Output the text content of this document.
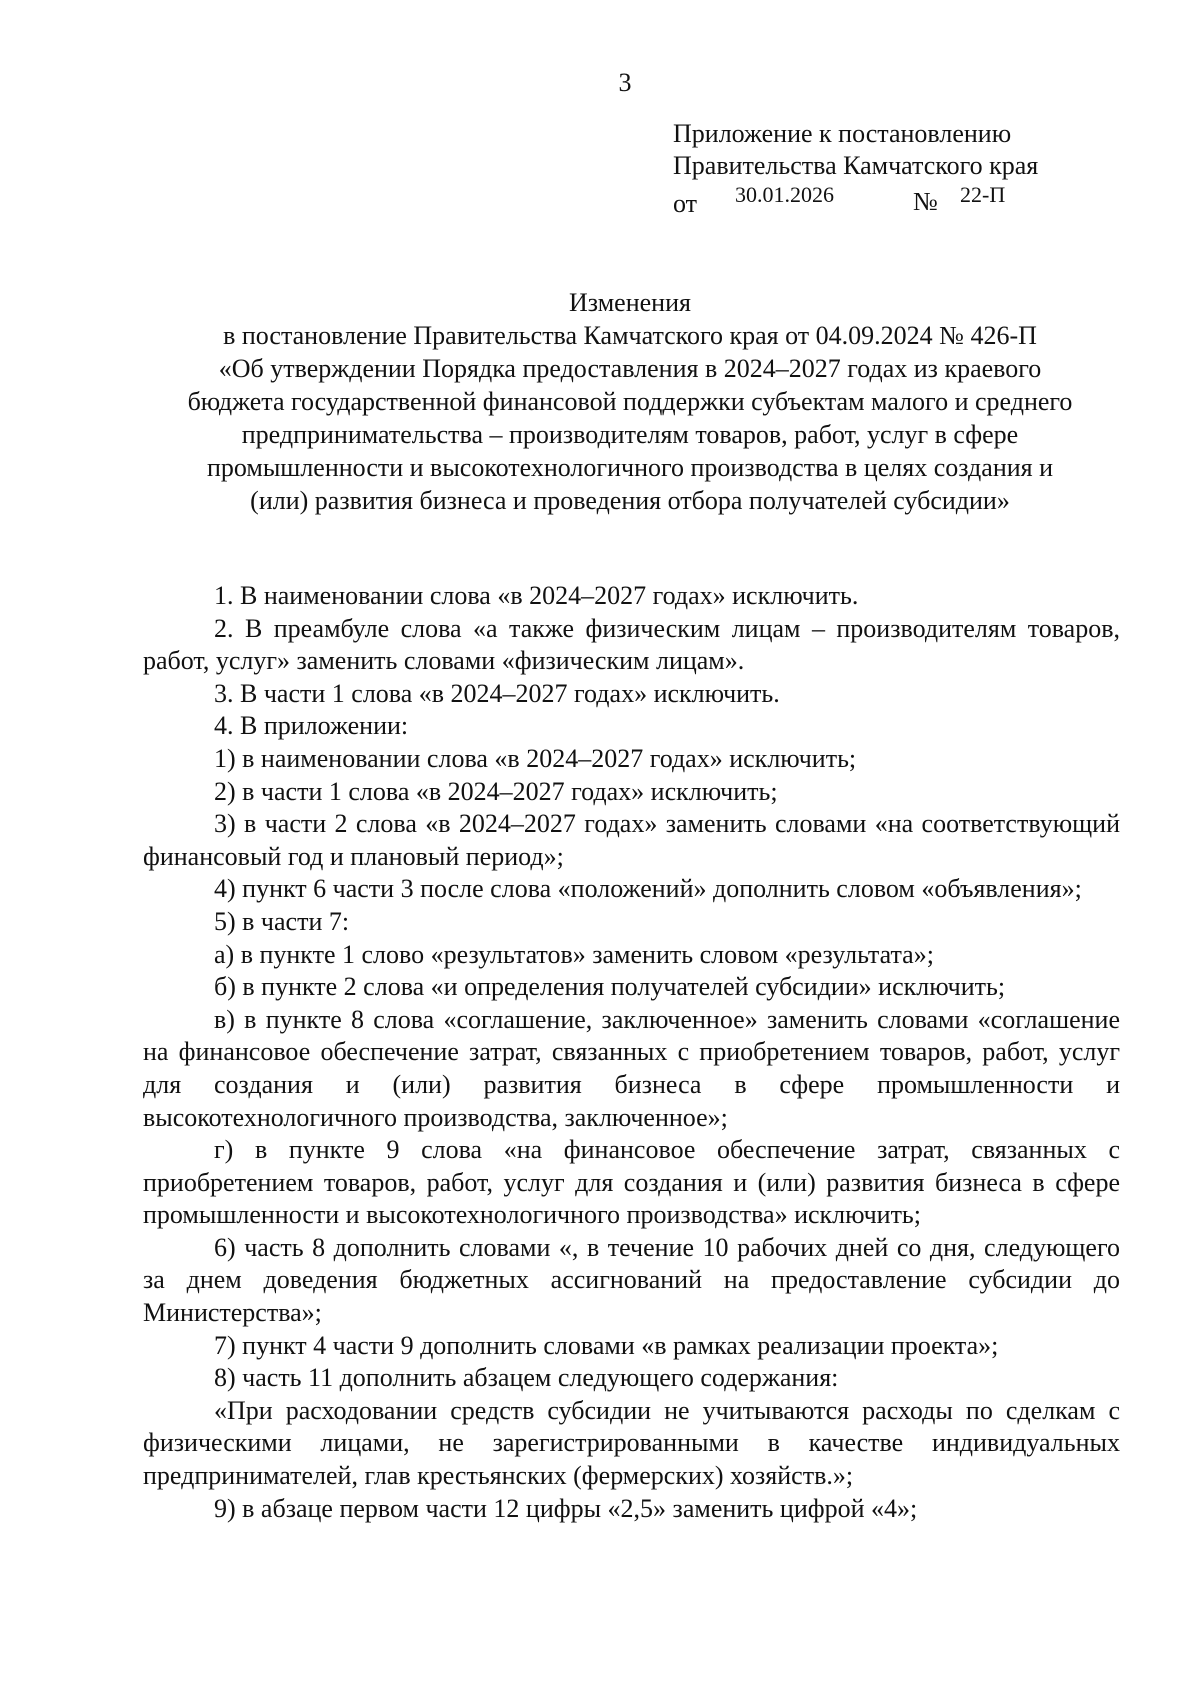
3
Приложение к постановлению
Правительства Камчатского края
от 30.01.2026	№ 22-П
Изменения
в постановление Правительства Камчатского края от 04.09.2024 № 426-П
«Об утверждении Порядка предоставления в 2024–2027 годах из краевого
бюджета государственной финансовой поддержки субъектам малого и среднего
предпринимательства – производителям товаров, работ, услуг в сфере
промышленности и высокотехнологичного производства в целях создания и
(или) развития бизнеса и проведения отбора получателей субсидии»

1. В наименовании слова «в 2024–2027 годах» исключить.

2. В преамбуле слова «а также физическим лицам – производителям товаров, работ, услуг» заменить словами «физическим лицам».

3. В части 1 слова «в 2024–2027 годах» исключить.

4. В приложении:

1) в наименовании слова «в 2024–2027 годах» исключить;

2) в части 1 слова «в 2024–2027 годах» исключить;

3) в части 2 слова «в 2024–2027 годах» заменить словами «на соответствующий финансовый год и плановый период»;

4) пункт 6 части 3 после слова «положений» дополнить словом «объявления»;

5) в части 7:

а) в пункте 1 слово «результатов» заменить словом «результата»;

б) в пункте 2 слова «и определения получателей субсидии» исключить;

в) в пункте 8 слова «соглашение, заключенное» заменить словами «соглашение на финансовое обеспечение затрат, связанных с приобретением товаров, работ, услуг для создания и (или) развития бизнеса в сфере промышленности и высокотехнологичного производства, заключенное»;

г) в пункте 9 слова «на финансовое обеспечение затрат, связанных с приобретением товаров, работ, услуг для создания и (или) развития бизнеса в сфере промышленности и высокотехнологичного производства» исключить;

6) часть 8 дополнить словами «, в течение 10 рабочих дней со дня, следующего за днем доведения бюджетных ассигнований на предоставление субсидии до Министерства»;

7) пункт 4 части 9 дополнить словами «в рамках реализации проекта»;

8) часть 11 дополнить абзацем следующего содержания:

«При расходовании средств субсидии не учитываются расходы по сделкам с физическими лицами, не зарегистрированными в качестве индивидуальных предпринимателей, глав крестьянских (фермерских) хозяйств.»;

9) в абзаце первом части 12 цифры «2,5» заменить цифрой «4»;
